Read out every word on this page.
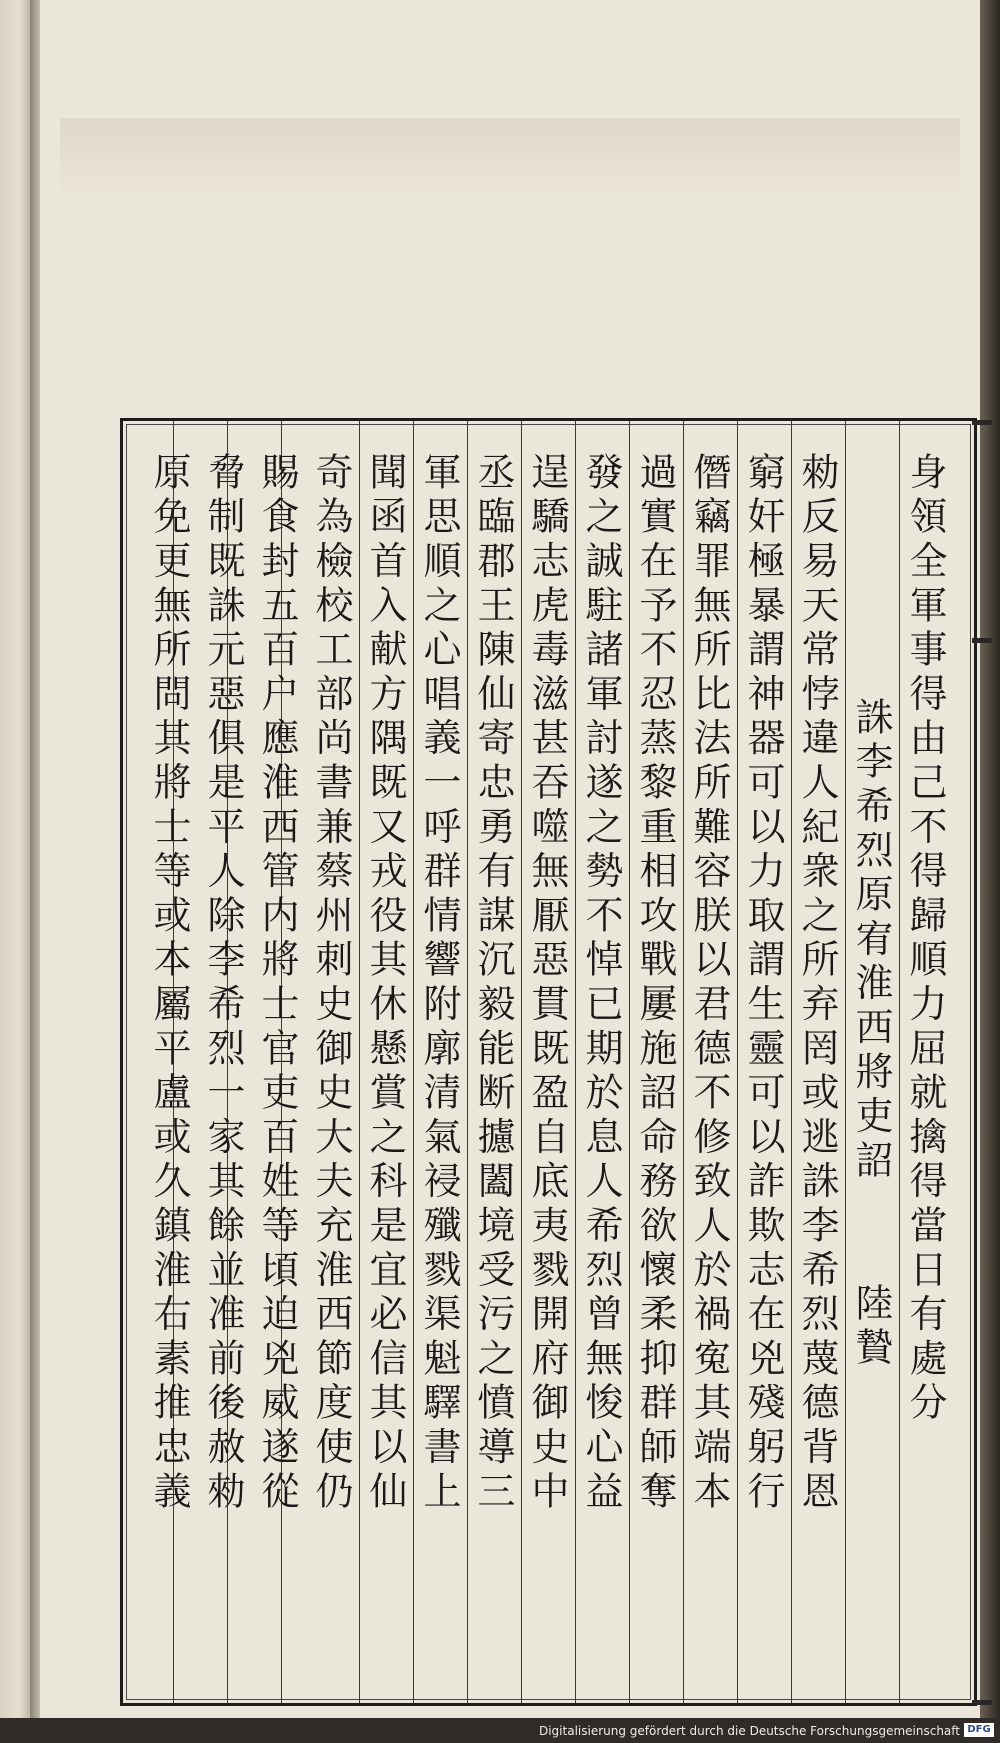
身領全軍事得由己不得歸順力屈就擒得當日有處分
誅李希烈原宥淮西將吏詔
陸贄
勑反易天常悖違人紀衆之所弃罔或逃誅李希烈蔑德背恩
窮奸極暴謂神器可以力取謂生靈可以詐欺志在兇殘躬行
僭竊罪無所比法所難容朕以君德不修致人於禍寃其端本
過實在予不忍蒸黎重相攻戰屢施詔命務欲懷柔抑群師奪
發之誠駐諸軍討遂之勢不悼已期於息人希烈曾無悛心益
逞驕志虎毒滋甚吞噬無厭惡貫既盈自底夷戮開府御史中
丞臨郡王陳仙寄忠勇有謀沉毅能断攄闔境受污之憤導三
軍思順之心唱義一呼群情響附廓清氣祲殲戮渠魁驛書上
聞函首入献方隅既又戎役其休懸賞之科是宜必信其以仙
奇為檢校工部尚書兼蔡州刺史御史大夫充淮西節度使仍
賜食封五百户應淮西管内將士官吏百姓等頃迫兇威遂從
脅制既誅元惡俱是平人除李希烈一家其餘並准前後赦勑
原免更無所問其將士等或本屬平盧或久鎮淮右素推忠義
Digitalisierung gefördert durch die Deutsche Forschungsgemeinschaft DFG
